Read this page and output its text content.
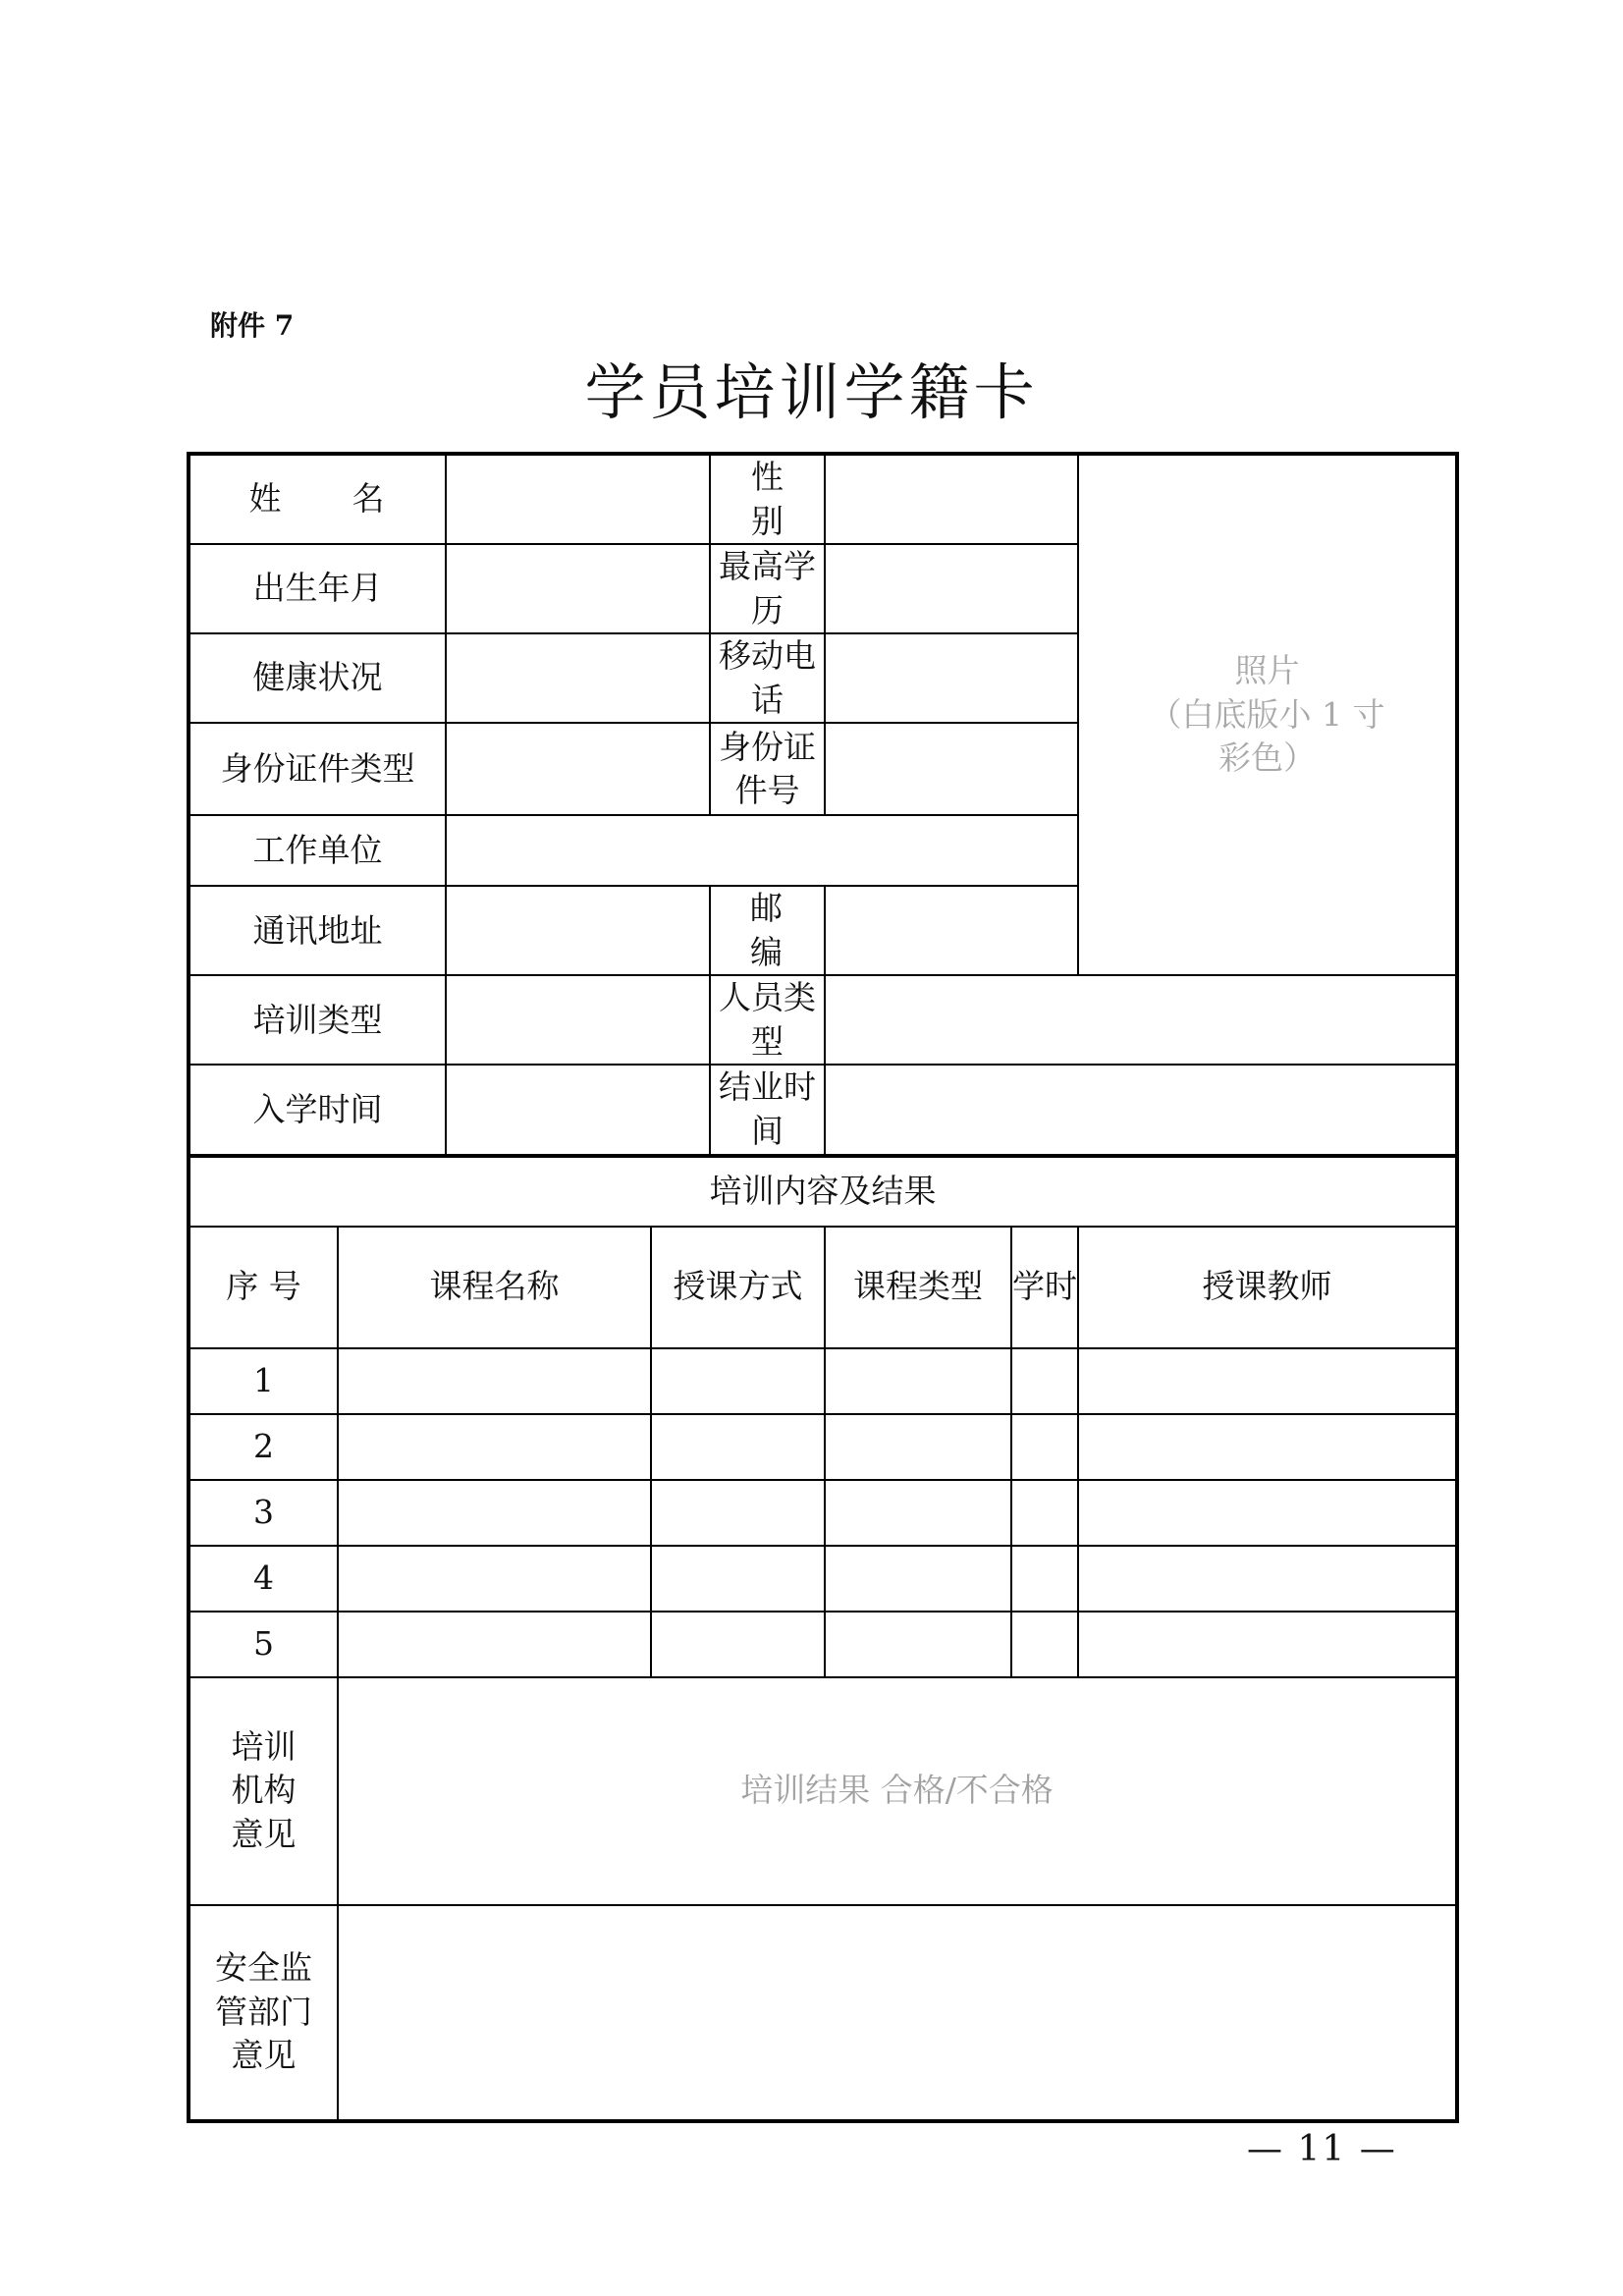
附件 7
学员培训学籍卡
姓　　名				性　　别			照片
（白底版小 1 寸
彩色）

出生年月				最高学历			
健康状况				移动电话			
身份证件类型				身份证件号			
工作单位							
通讯地址				邮　　编			
培训类型				人员类型			
入学时间				结业时间			
培训内容及结果							
序 号	课程名称		授课方式		课程类型	学时	授课教师
1							
2							
3							
4							
5							

培训
机构
意见	培训结果 合格/不合格						

安全监
管部门
意见							

— 11 —
